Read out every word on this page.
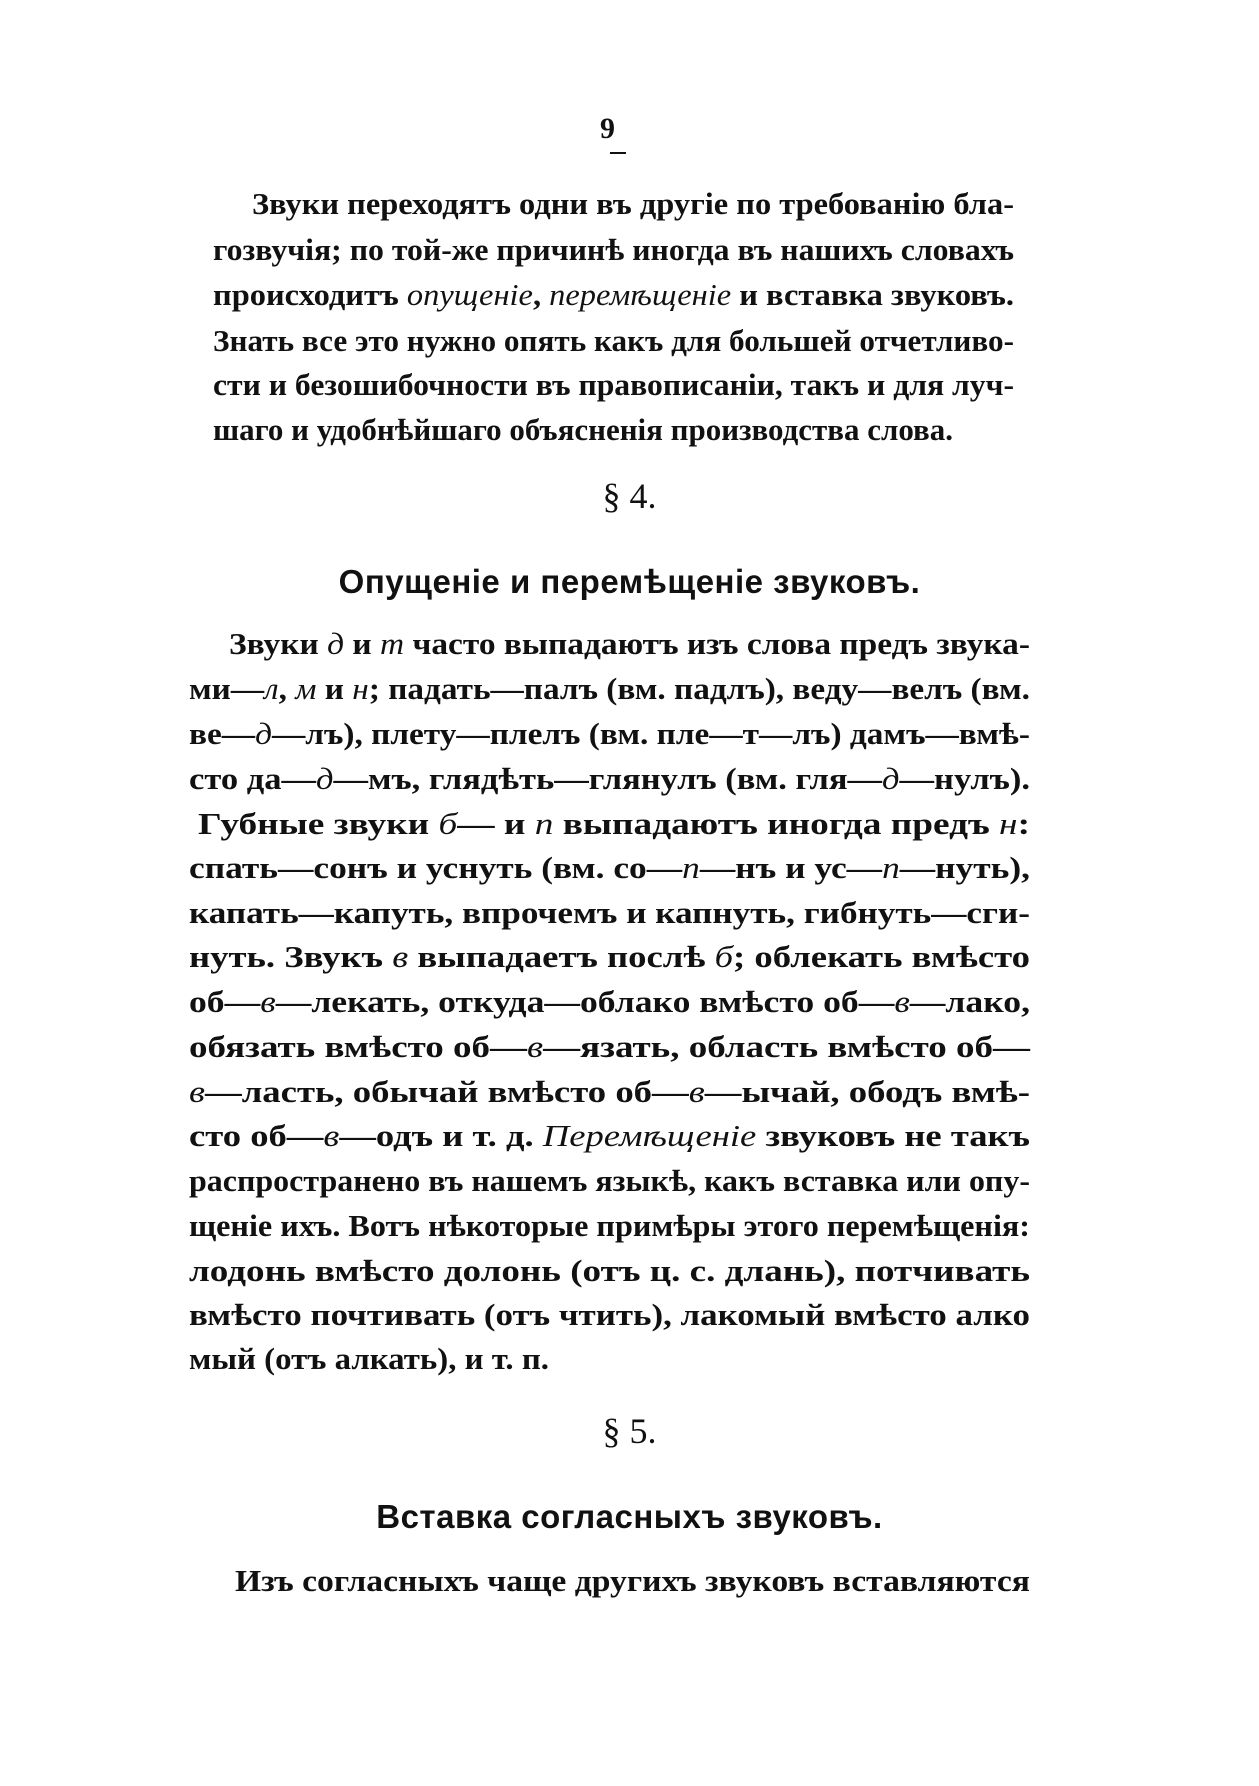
9
Звуки переходятъ одни въ другіе по требованію бла-
гозвучія; по той-же причинѣ иногда въ нашихъ словахъ
происходитъ опущеніе, перемѣщеніе и вставка звуковъ.
Знать все это нужно опять какъ для большей отчетливо-
сти и безошибочности въ правописаніи, такъ и для луч-
шаго и удобнѣйшаго объясненія производства слова.
§ 4.
Опущеніе и перемѣщеніе звуковъ.
Звуки д и т часто выпадаютъ изъ слова предъ звука-
ми—л, м и н; падать—палъ (вм. падлъ), веду—велъ (вм.
ве—д—лъ), плету—плелъ (вм. пле—т—лъ) дамъ—вмѣ-
сто да—д—мъ, глядѣть—глянулъ (вм. гля—д—нулъ).
Губные звуки б— и п выпадаютъ иногда предъ н:
спать—сонъ и уснуть (вм. со—п—нъ и ус—п—нуть),
капать—капуть, впрочемъ и капнуть, гибнуть—сги-
нуть. Звукъ в выпадаетъ послѣ б; облекать вмѣсто
об—в—лекать, откуда—облако вмѣсто об—в—лако,
обязать вмѣсто об—в—язать, область вмѣсто об—
в—ласть, обычай вмѣсто об—в—ычай, ободъ вмѣ-
сто об—в—одъ и т. д. Перемѣщеніе звуковъ не такъ
распространено въ нашемъ языкѣ, какъ вставка или опу-
щеніе ихъ. Вотъ нѣкоторые примѣры этого перемѣщенія:
лодонь вмѣсто долонь (отъ ц. с. длань), потчивать
вмѣсто почтивать (отъ чтить), лакомый вмѣсто алко
мый (отъ алкать), и т. п.
§ 5.
Вставка согласныхъ звуковъ.
Изъ согласныхъ чаще другихъ звуковъ вставляются
